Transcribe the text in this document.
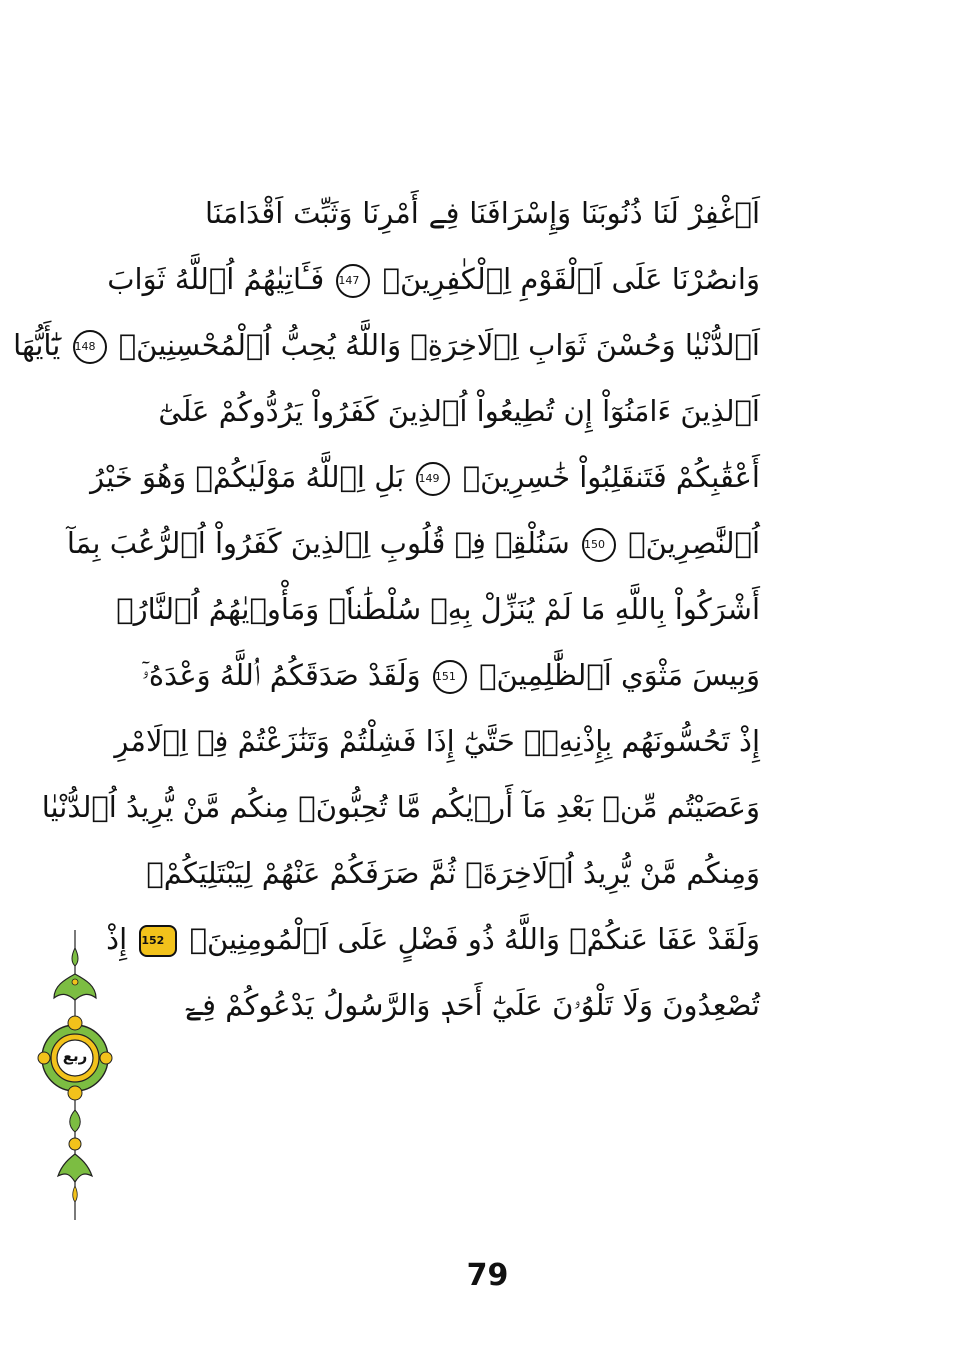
اَ۬غْفِرْ لَنَا ذُنُوبَنَا وَإِسْرَافَنَا فِے أَمْرِنَا وَثَبِّتَ اَقْدَامَنَا
وَانصُرْنَا عَلَى اَ۬لْقَوْمِ اِ۬لْكٰفِرِينَۖ 147 فَـَٔاتِيٰهُمُ اُ۬للَّهُ ثَوَابَ
اَ۬لدُّنْيٰا وَحُسْنَ ثَوَابِ اِ۬لَاخِرَةِۖ وَاللَّهُ يُحِبُّ اُ۬لْمُحْسِنِينَۖ 148 يَٰٓأَيُّهَا
اَ۬لذِينَ ءَامَنُوٓاْ إِن تُطِيعُواْ اُ۬لذِينَ كَفَرُواْ يَرُدُّوكُمْ عَلَىٰٓ
أَعْقَٰبِكُمْ فَتَنقَلِبُواْ خَٰسِرِينَۖ 149 بَلِ اِ۬للَّهُ مَوْلَيٰكُمْۖ وَهُوَ خَيْرُ
اُ۬لنَّٰصِرِينَۖ 150 سَنُلْقِے فِے قُلُوبِ اِ۬لذِينَ كَفَرُواْ اُ۬لرُّعُبَ بِمَآ
أَشْرَكُواْ بِاللَّهِ مَا لَمْ يُنَزِّلْ بِهِۦ سُلْطَٰناٗۖ وَمَأْو۪يٰهُمُ اُ۬لنَّارُۖ
وَبِيسَ مَثْوَي اَ۬لظَّٰلِمِينَۖ 151 وَلَقَدْ صَدَقَكُمُ اُ۬للَّهُ وَعْدَهُۥٓ
إِذْ تَحُسُّونَهُم بِإِذْنِهِۦۖ حَتَّيٰٓ إِذَا فَشِلْتُمْ وَتَنَٰزَعْتُمْ فِے اِ۬لَامْرِ
وَعَصَيْتُم مِّنۢ بَعْدِ مَآ أَر۪يٰكُم مَّا تُحِبُّونَۖ مِنكُم مَّنْ يُّرِيدُ اُ۬لدُّنْيٰا
وَمِنكُم مَّنْ يُّرِيدُ اُ۬لَاخِرَةَۖ ثُمَّ صَرَفَكُمْ عَنْهُمْ لِيَبْتَلِيَكُمْۖ
وَلَقَدْ عَفَا عَنكُمْۖ وَاللَّهُ ذُو فَضْلٍ عَلَى اَ۬لْمُومِنِينَۖ 152 إِذْ
تُصْعِدُونَ وَلَا تَلْوُۥنَ عَلَيٰٓ أَحَدٖ وَالرَّسُولُ يَدْعُوكُمْ فِےٓ
ربع
79
